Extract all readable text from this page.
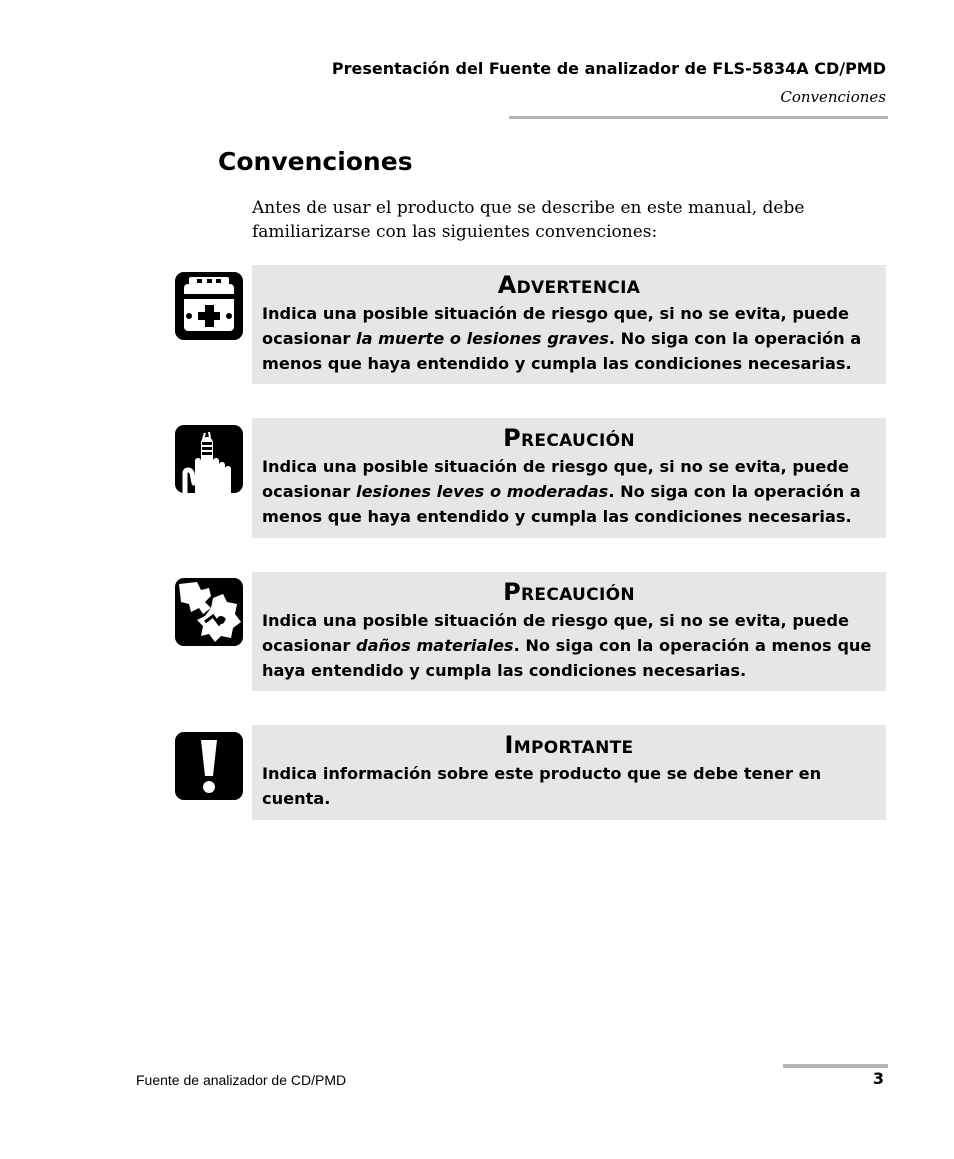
Presentación del Fuente de analizador de FLS-5834A CD/PMD
Convenciones
Convenciones
Antes de usar el producto que se describe en este manual, debe
familiarizarse con las siguientes convenciones:
Advertencia
Indica una posible situación de riesgo que, si no se evita, puede
ocasionar la muerte o lesiones graves. No siga con la operación a
menos que haya entendido y cumpla las condiciones necesarias.
Precaución
Indica una posible situación de riesgo que, si no se evita, puede
ocasionar lesiones leves o moderadas. No siga con la operación a
menos que haya entendido y cumpla las condiciones necesarias.
Precaución
Indica una posible situación de riesgo que, si no se evita, puede
ocasionar daños materiales. No siga con la operación a menos que
haya entendido y cumpla las condiciones necesarias.
Importante
Indica información sobre este producto que se debe tener en
cuenta.
Fuente de analizador de CD/PMD	3
